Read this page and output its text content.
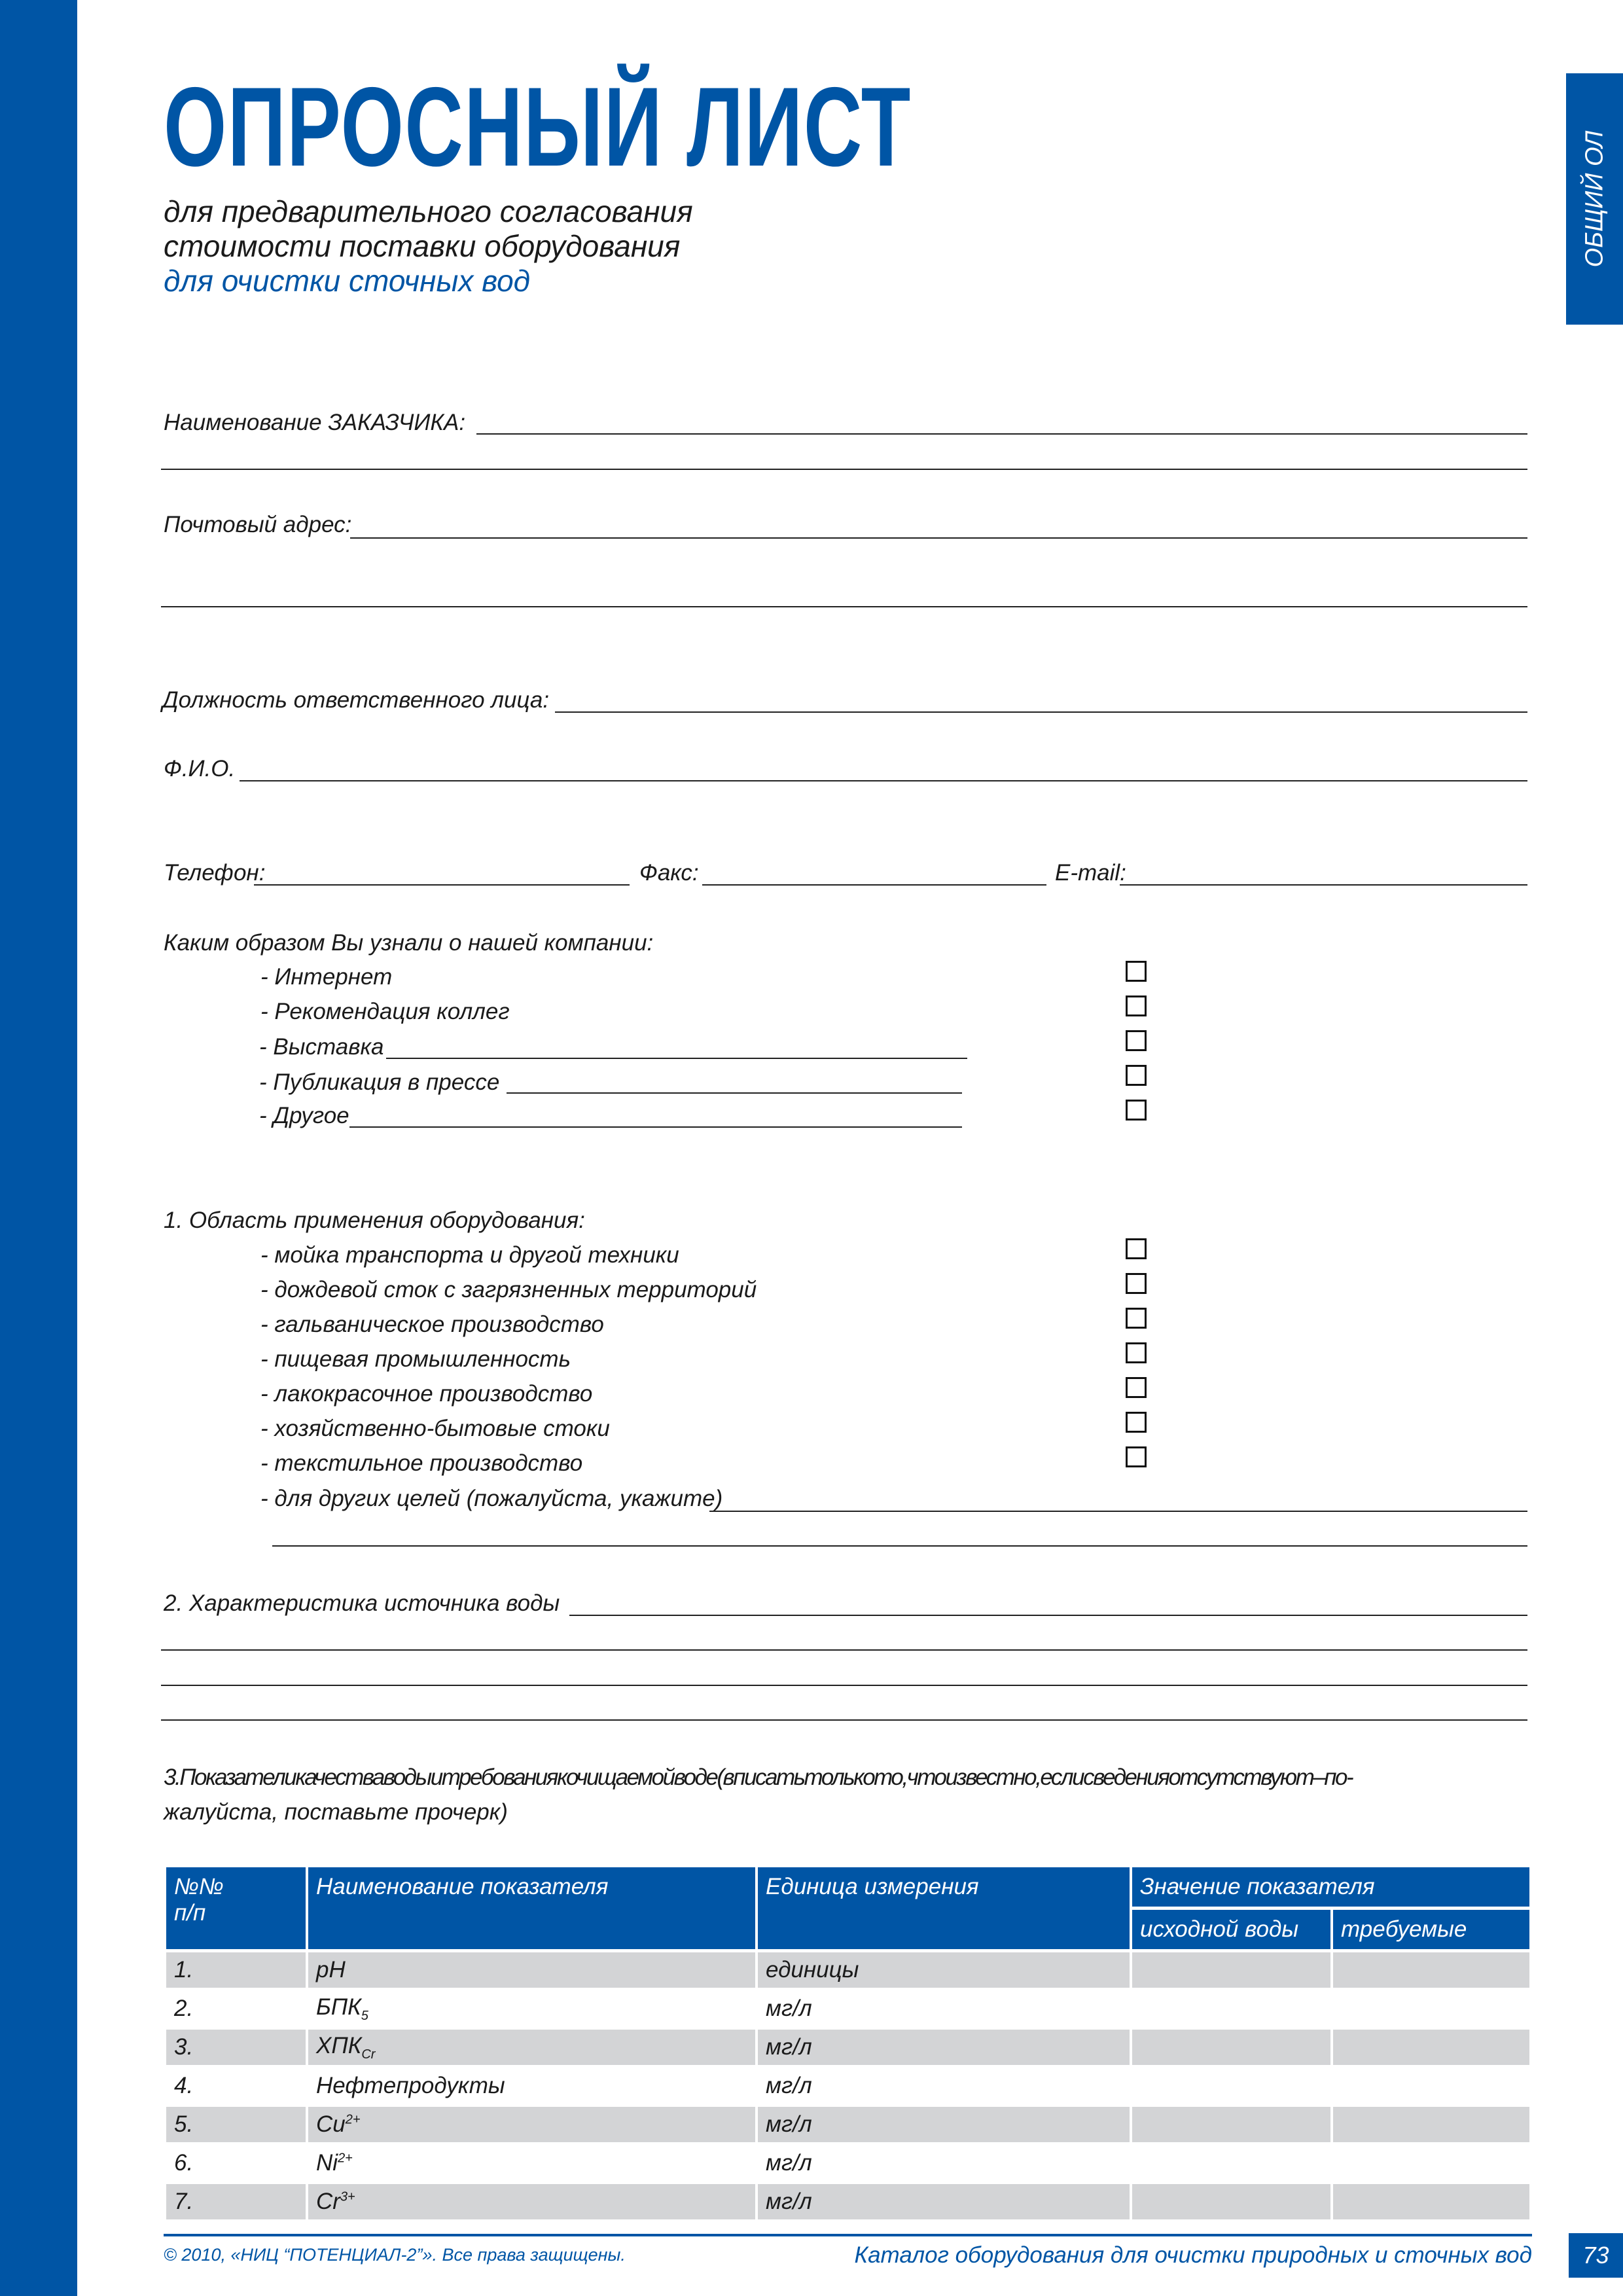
ОБЩИЙ ОЛ
ОПРОСНЫЙ ЛИСТ
для предварительного согласования
стоимости поставки оборудования
для очистки сточных вод
Наименование ЗАКАЗЧИКА:
Почтовый адрес:
Должность ответственного лица:
Ф.И.О.
Телефон:	Факс:	E-mail:
Каким образом Вы узнали о нашей компании:
- Интернет
- Рекомендация коллег
- Выставка
- Публикация в прессе
- Другое
1. Область применения оборудования:
- мойка транспорта и другой техники
- дождевой сток с загрязненных территорий
- гальваническое производство
- пищевая промышленность
- лакокрасочное производство
- хозяйственно-бытовые стоки
- текстильное производство
- для других целей (пожалуйста, укажите)
2. Характеристика источника воды
3.Показателикачестваводыитребованиякочищаемойводе(вписатьтолькото,чтоизвестно,еслисведенияотсутствуют–по-
жалуйста, поставьте прочерк)
№№
п/п	Наименование показателя	Единица измерения	Значение показателя	
			исходной воды	требуемые
1.	pH	единицы		
2.	$БПК_5$	мг/л		
3.	$ХПК_{Cr}$	мг/л		
4.	Нефтепродукты	мг/л		
5.	$Cu^{2+}$	мг/л		
6.	$Ni^{2+}$	мг/л		
7.	$Cr^{3+}$	мг/л		
© 2010, «НИЦ “ПОТЕНЦИАЛ-2”». Все права защищены.	Каталог оборудования для очистки природных и сточных вод	73
